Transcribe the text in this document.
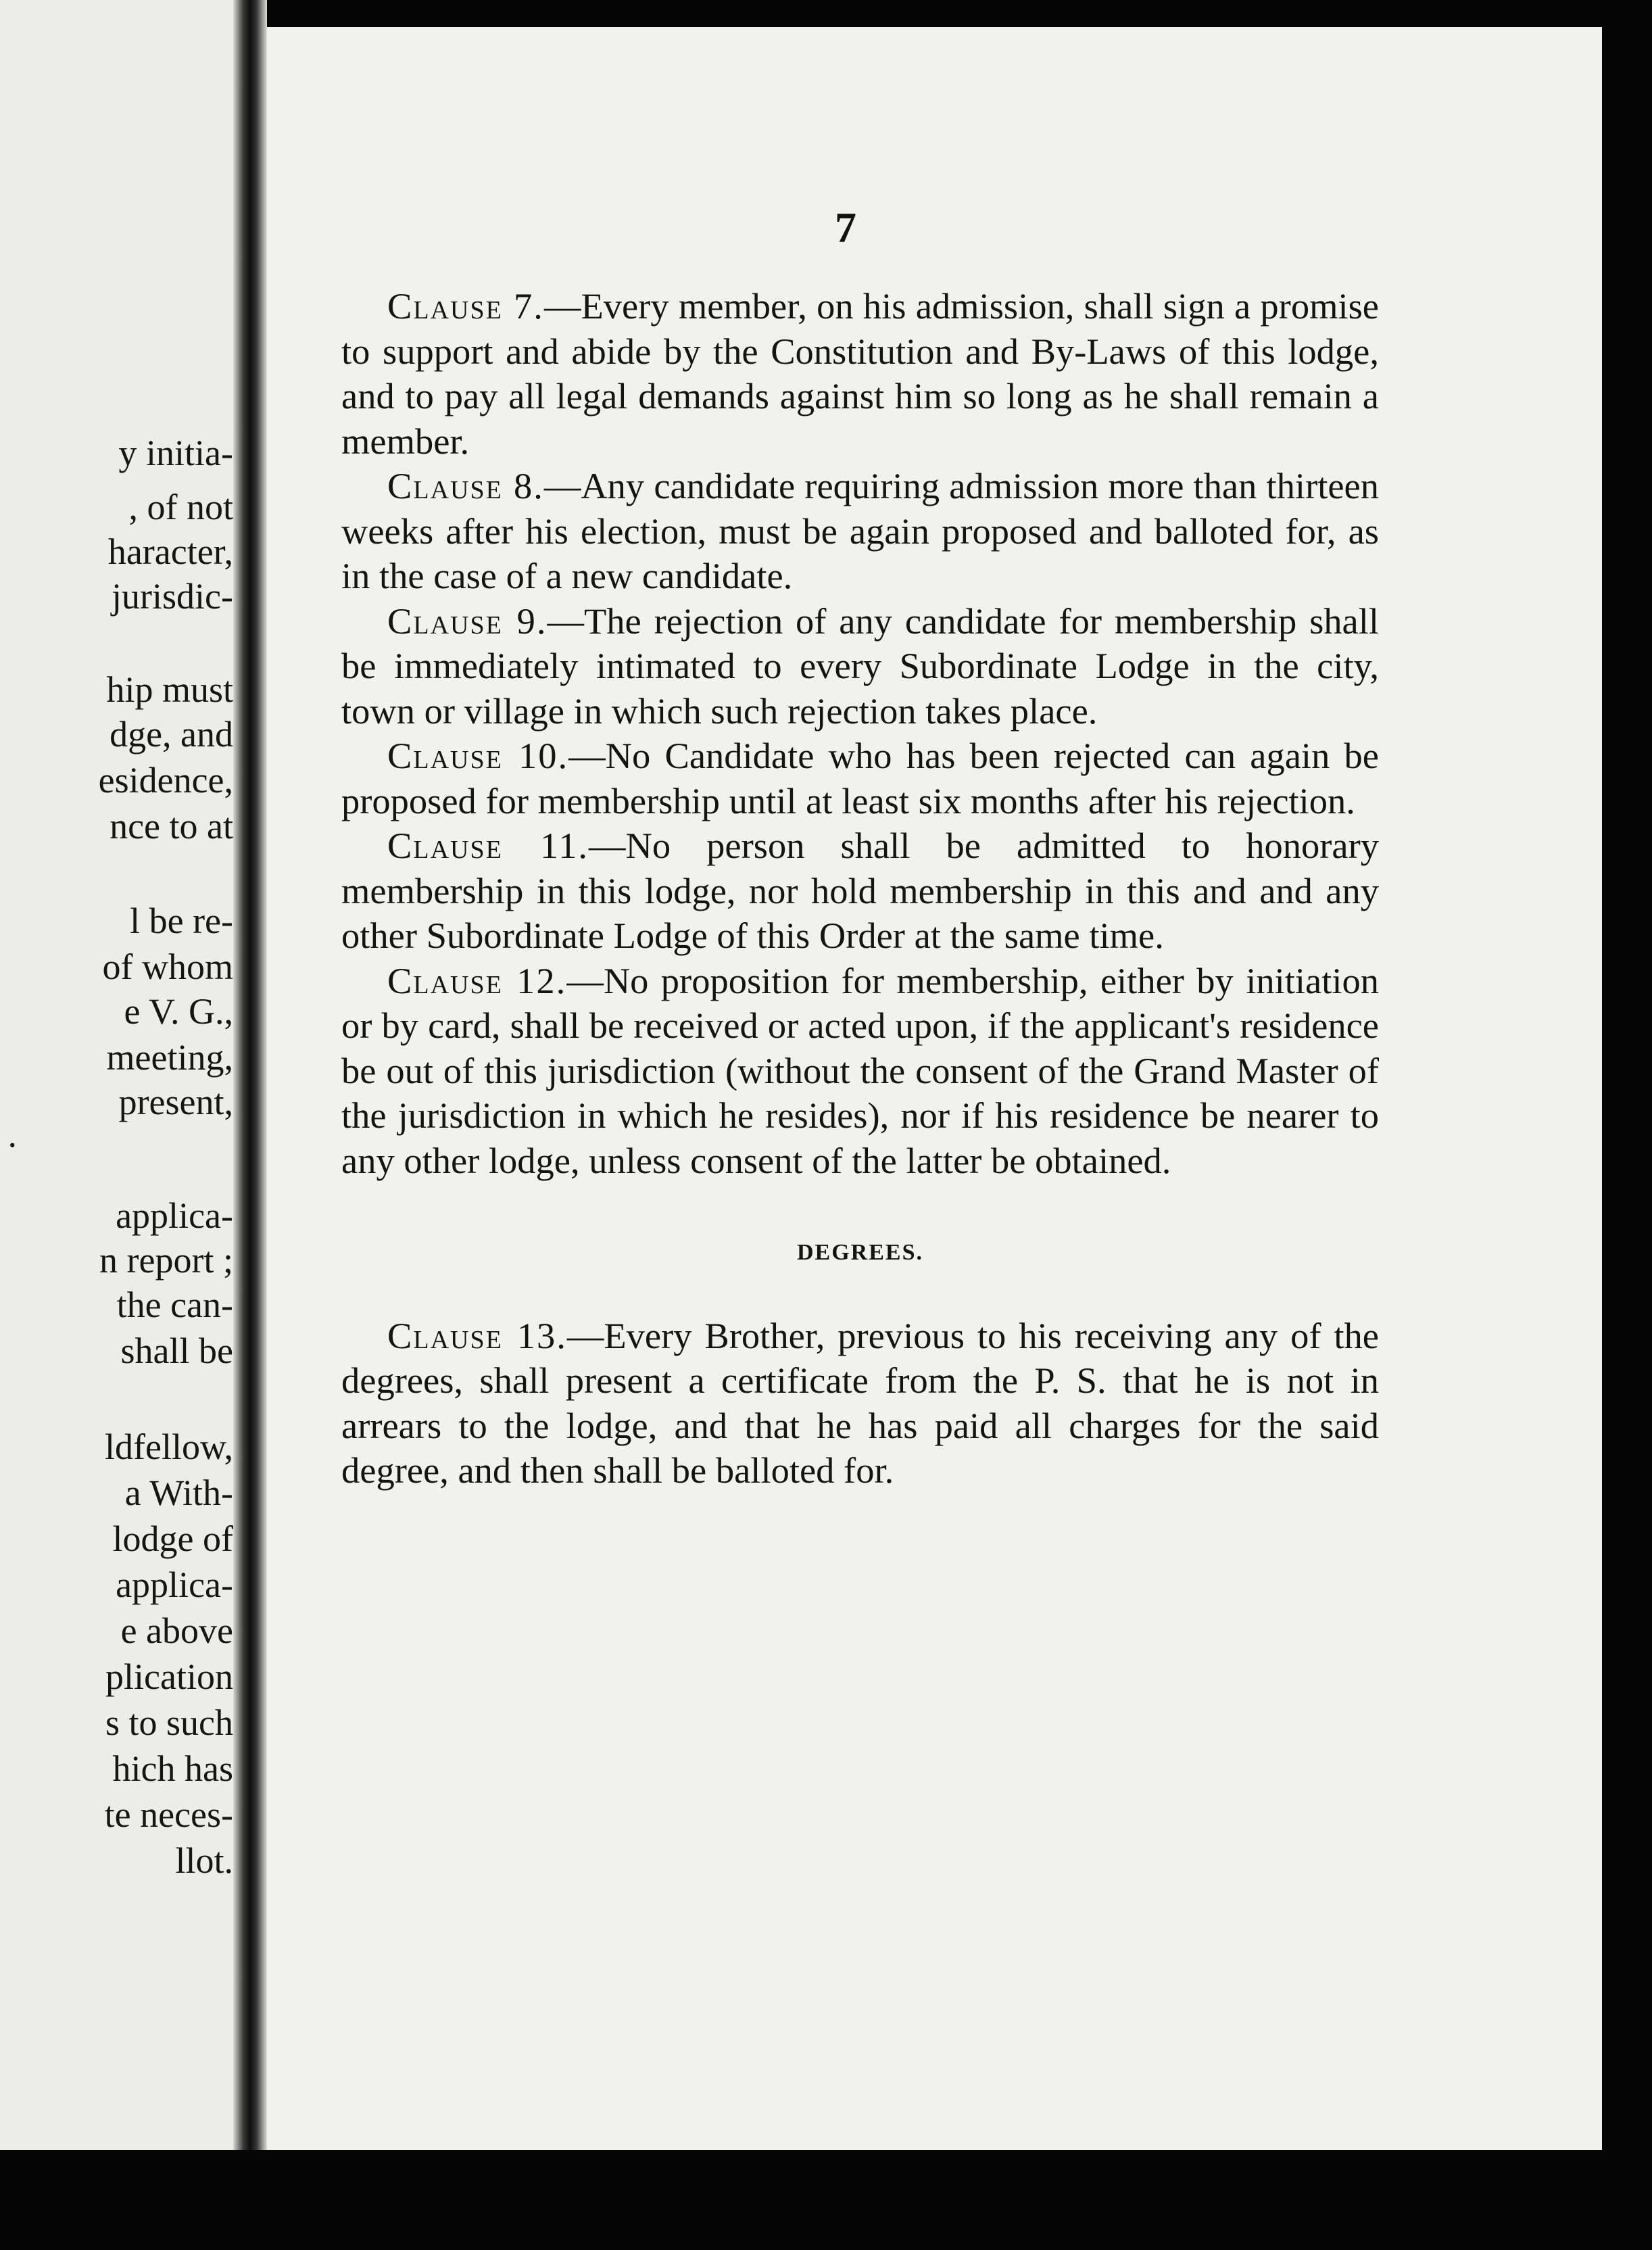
y initia-
, of not
haracter,
jurisdic-
hip must
dge, and
esidence,
nce to at
l be re-
of whom
e V. G.,
meeting,
present,
.
applica-
n report ;
the can-
shall be
ldfellow,
a With-
lodge of
applica-
e above
plication
s to such
hich has
te neces-
llot.
7

Clause 7.—Every member, on his admission, shall sign a promise to support and abide by the Constitution and By-Laws of this lodge, and to pay all legal demands against him so long as he shall remain a member.

Clause 8.—Any candidate requiring admission more than thirteen weeks after his election, must be again proposed and balloted for, as in the case of a new candidate.

Clause 9.—The rejection of any candidate for membership shall be immediately intimated to every Subordinate Lodge in the city, town or village in which such rejection takes place.

Clause 10.—No Candidate who has been rejected can again be proposed for membership until at least six months after his rejection.

Clause 11.—No person shall be admitted to honorary membership in this lodge, nor hold membership in this and and any other Subordinate Lodge of this Order at the same time.

Clause 12.—No proposition for membership, either by initiation or by card, shall be received or acted upon, if the applicant's residence be out of this jurisdiction (without the consent of the Grand Master of the jurisdiction in which he resides), nor if his residence be nearer to any other lodge, unless consent of the latter be obtained.

DEGREES.

Clause 13.—Every Brother, previous to his receiving any of the degrees, shall present a certificate from the P. S. that he is not in arrears to the lodge, and that he has paid all charges for the said degree, and then shall be balloted for.
